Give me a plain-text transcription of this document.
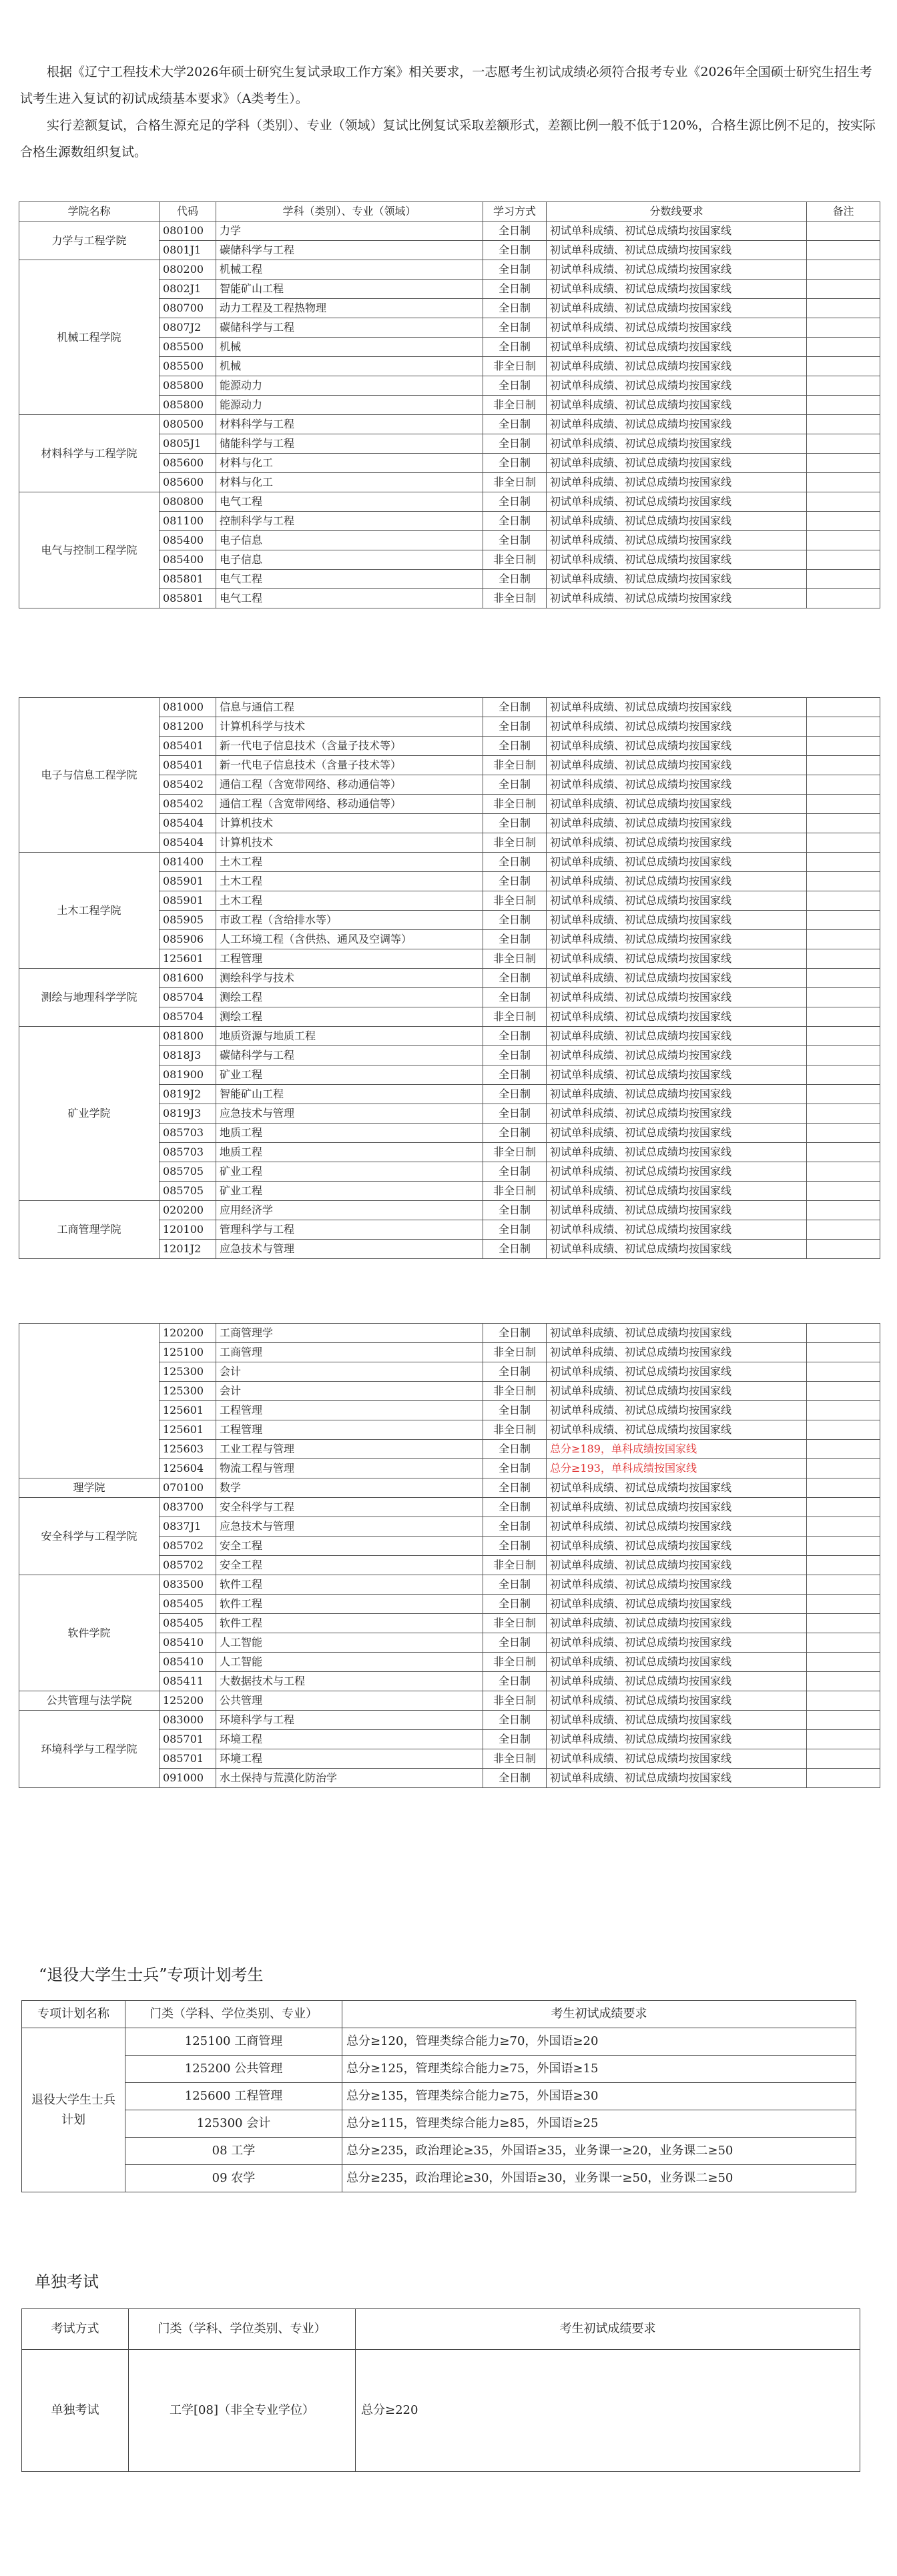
根据《辽宁工程技术大学2026年硕士研究生复试录取工作方案》相关要求，一志愿考生初试成绩必须符合报考专业《2026年全国硕士研究生招生考试考生进入复试的初试成绩基本要求》（A类考生）。

实行差额复试，合格生源充足的学科（类别）、专业（领域）复试比例复试采取差额形式，差额比例一般不低于120%，合格生源比例不足的，按实际合格生源数组织复试。

学院名称	代码	学科（类别）、专业（领域）	学习方式	分数线要求	备注
力学与工程学院	080100	力学	全日制	初试单科成绩、初试总成绩均按国家线	
	0801J1	碳储科学与工程	全日制	初试单科成绩、初试总成绩均按国家线	
机械工程学院	080200	机械工程	全日制	初试单科成绩、初试总成绩均按国家线	
	0802J1	智能矿山工程	全日制	初试单科成绩、初试总成绩均按国家线	
	080700	动力工程及工程热物理	全日制	初试单科成绩、初试总成绩均按国家线	
	0807J2	碳储科学与工程	全日制	初试单科成绩、初试总成绩均按国家线	
	085500	机械	全日制	初试单科成绩、初试总成绩均按国家线	
	085500	机械	非全日制	初试单科成绩、初试总成绩均按国家线	
	085800	能源动力	全日制	初试单科成绩、初试总成绩均按国家线	
	085800	能源动力	非全日制	初试单科成绩、初试总成绩均按国家线	
材料科学与工程学院	080500	材料科学与工程	全日制	初试单科成绩、初试总成绩均按国家线	
	0805J1	储能科学与工程	全日制	初试单科成绩、初试总成绩均按国家线	
	085600	材料与化工	全日制	初试单科成绩、初试总成绩均按国家线	
	085600	材料与化工	非全日制	初试单科成绩、初试总成绩均按国家线	
电气与控制工程学院	080800	电气工程	全日制	初试单科成绩、初试总成绩均按国家线	
	081100	控制科学与工程	全日制	初试单科成绩、初试总成绩均按国家线	
	085400	电子信息	全日制	初试单科成绩、初试总成绩均按国家线	
	085400	电子信息	非全日制	初试单科成绩、初试总成绩均按国家线	
	085801	电气工程	全日制	初试单科成绩、初试总成绩均按国家线	
	085801	电气工程	非全日制	初试单科成绩、初试总成绩均按国家线	
电子与信息工程学院	081000	信息与通信工程	全日制	初试单科成绩、初试总成绩均按国家线	
	081200	计算机科学与技术	全日制	初试单科成绩、初试总成绩均按国家线	
	085401	新一代电子信息技术（含量子技术等）	全日制	初试单科成绩、初试总成绩均按国家线	
	085401	新一代电子信息技术（含量子技术等）	非全日制	初试单科成绩、初试总成绩均按国家线	
	085402	通信工程（含宽带网络、移动通信等）	全日制	初试单科成绩、初试总成绩均按国家线	
	085402	通信工程（含宽带网络、移动通信等）	非全日制	初试单科成绩、初试总成绩均按国家线	
	085404	计算机技术	全日制	初试单科成绩、初试总成绩均按国家线	
	085404	计算机技术	非全日制	初试单科成绩、初试总成绩均按国家线	
土木工程学院	081400	土木工程	全日制	初试单科成绩、初试总成绩均按国家线	
	085901	土木工程	全日制	初试单科成绩、初试总成绩均按国家线	
	085901	土木工程	非全日制	初试单科成绩、初试总成绩均按国家线	
	085905	市政工程（含给排水等）	全日制	初试单科成绩、初试总成绩均按国家线	
	085906	人工环境工程（含供热、通风及空调等）	全日制	初试单科成绩、初试总成绩均按国家线	
	125601	工程管理	非全日制	初试单科成绩、初试总成绩均按国家线	
测绘与地理科学学院	081600	测绘科学与技术	全日制	初试单科成绩、初试总成绩均按国家线	
	085704	测绘工程	全日制	初试单科成绩、初试总成绩均按国家线	
	085704	测绘工程	非全日制	初试单科成绩、初试总成绩均按国家线	
矿业学院	081800	地质资源与地质工程	全日制	初试单科成绩、初试总成绩均按国家线	
	0818J3	碳储科学与工程	全日制	初试单科成绩、初试总成绩均按国家线	
	081900	矿业工程	全日制	初试单科成绩、初试总成绩均按国家线	
	0819J2	智能矿山工程	全日制	初试单科成绩、初试总成绩均按国家线	
	0819J3	应急技术与管理	全日制	初试单科成绩、初试总成绩均按国家线	
	085703	地质工程	全日制	初试单科成绩、初试总成绩均按国家线	
	085703	地质工程	非全日制	初试单科成绩、初试总成绩均按国家线	
	085705	矿业工程	全日制	初试单科成绩、初试总成绩均按国家线	
	085705	矿业工程	非全日制	初试单科成绩、初试总成绩均按国家线	
工商管理学院	020200	应用经济学	全日制	初试单科成绩、初试总成绩均按国家线	
	120100	管理科学与工程	全日制	初试单科成绩、初试总成绩均按国家线	
	1201J2	应急技术与管理	全日制	初试单科成绩、初试总成绩均按国家线	
	120200	工商管理学	全日制	初试单科成绩、初试总成绩均按国家线	
	125100	工商管理	非全日制	初试单科成绩、初试总成绩均按国家线	
	125300	会计	全日制	初试单科成绩、初试总成绩均按国家线	
	125300	会计	非全日制	初试单科成绩、初试总成绩均按国家线	
	125601	工程管理	全日制	初试单科成绩、初试总成绩均按国家线	
	125601	工程管理	非全日制	初试单科成绩、初试总成绩均按国家线	
	125603	工业工程与管理	全日制	总分≥189，单科成绩按国家线	
	125604	物流工程与管理	全日制	总分≥193，单科成绩按国家线	
理学院	070100	数学	全日制	初试单科成绩、初试总成绩均按国家线	
安全科学与工程学院	083700	安全科学与工程	全日制	初试单科成绩、初试总成绩均按国家线	
	0837J1	应急技术与管理	全日制	初试单科成绩、初试总成绩均按国家线	
	085702	安全工程	全日制	初试单科成绩、初试总成绩均按国家线	
	085702	安全工程	非全日制	初试单科成绩、初试总成绩均按国家线	
软件学院	083500	软件工程	全日制	初试单科成绩、初试总成绩均按国家线	
	085405	软件工程	全日制	初试单科成绩、初试总成绩均按国家线	
	085405	软件工程	非全日制	初试单科成绩、初试总成绩均按国家线	
	085410	人工智能	全日制	初试单科成绩、初试总成绩均按国家线	
	085410	人工智能	非全日制	初试单科成绩、初试总成绩均按国家线	
	085411	大数据技术与工程	全日制	初试单科成绩、初试总成绩均按国家线	
公共管理与法学院	125200	公共管理	非全日制	初试单科成绩、初试总成绩均按国家线	
环境科学与工程学院	083000	环境科学与工程	全日制	初试单科成绩、初试总成绩均按国家线	
	085701	环境工程	全日制	初试单科成绩、初试总成绩均按国家线	
	085701	环境工程	非全日制	初试单科成绩、初试总成绩均按国家线	
	091000	水土保持与荒漠化防治学	全日制	初试单科成绩、初试总成绩均按国家线	
“退役大学生士兵”专项计划考生
专项计划名称	门类（学科、学位类别、专业）	考生初试成绩要求
退役大学生士兵计划	125100 工商管理	总分≥120，管理类综合能力≥70，外国语≥20
	125200 公共管理	总分≥125，管理类综合能力≥75，外国语≥15
	125600 工程管理	总分≥135，管理类综合能力≥75，外国语≥30
	125300 会计	总分≥115，管理类综合能力≥85，外国语≥25
	08 工学	总分≥235，政治理论≥35，外国语≥35，业务课一≥20，业务课二≥50
	09 农学	总分≥235，政治理论≥30，外国语≥30，业务课一≥50，业务课二≥50
单独考试
考试方式	门类（学科、学位类别、专业）	考生初试成绩要求
单独考试	工学[08]（非全专业学位）	总分≥220
